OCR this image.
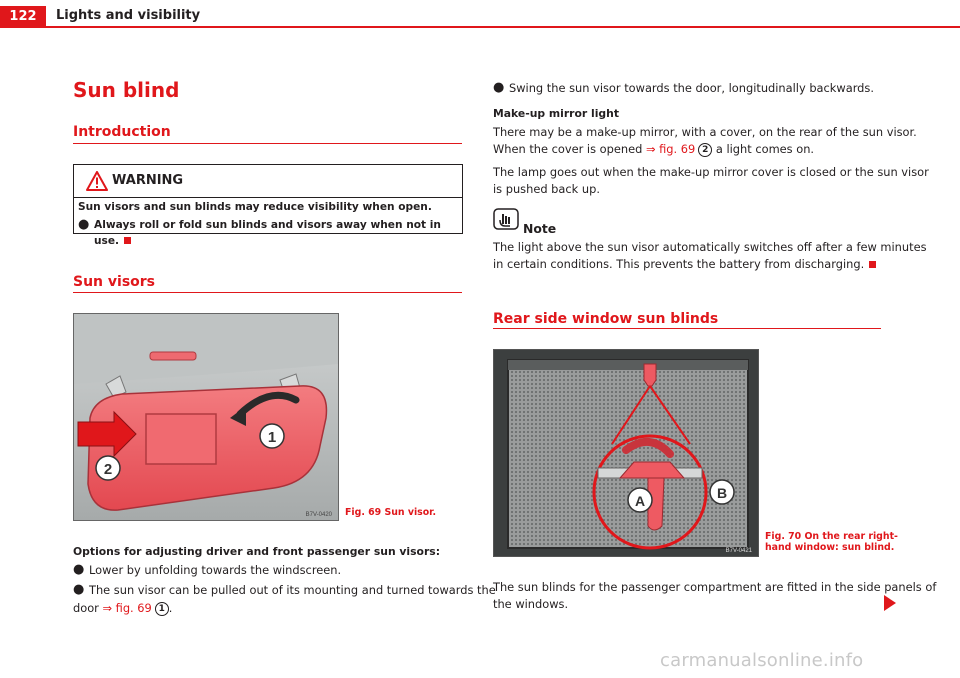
122	Lights and visibility
Sun blind
Introduction
WARNING
Sun visors and sun blinds may reduce visibility when open.
● Always roll or fold sun blinds and visors away when not in use.
Sun visors
1
2
B7V-0420 Fig. 69 Sun visor.
Options for adjusting driver and front passenger sun visors:
● Lower by unfolding towards the windscreen.
● The sun visor can be pulled out of its mounting and turned towards the
door ⇒ fig. 69 1 .
● Swing the sun visor towards the door, longitudinally backwards.
Make-up mirror light
There may be a make-up mirror, with a cover, on the rear of the sun visor.
When the cover is opened ⇒ fig. 69 2 a light comes on.
The lamp goes out when the make-up mirror cover is closed or the sun visor
is pushed back up.
Note
The light above the sun visor automatically switches off after a few minutes
in certain conditions. This prevents the battery from discharging.
Rear side window sun blinds
A	B
B7V-0421
Fig. 70 On the rear right-
hand window: sun blind.
The sun blinds for the passenger compartment are fitted in the side panels of
the windows.
carmanualsonline.info
